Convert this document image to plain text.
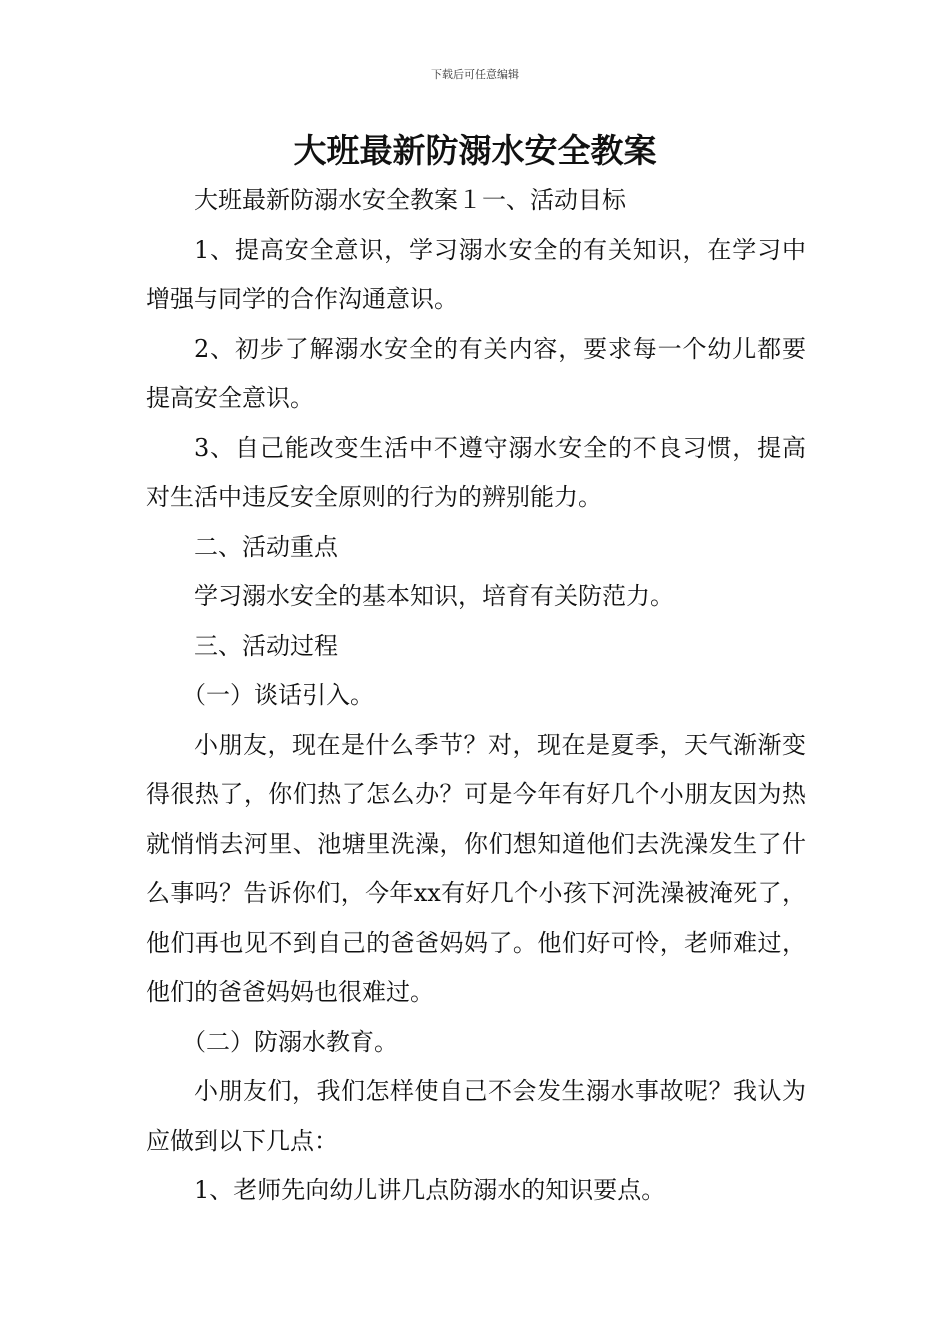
下载后可任意编辑
大班最新防溺水安全教案

大班最新防溺水安全教案１一、活动目标

1、提高安全意识，学习溺水安全的有关知识，在学习中增强与同学的合作沟通意识。

2、初步了解溺水安全的有关内容，要求每一个幼儿都要提高安全意识。

3、自己能改变生活中不遵守溺水安全的不良习惯，提高对生活中违反安全原则的行为的辨别能力。

二、活动重点

学习溺水安全的基本知识，培育有关防范力。

三、活动过程

（一）谈话引入。

小朋友，现在是什么季节？对，现在是夏季，天气渐渐变得很热了，你们热了怎么办？可是今年有好几个小朋友因为热就悄悄去河里、池塘里洗澡，你们想知道他们去洗澡发生了什么事吗？告诉你们，今年xx有好几个小孩下河洗澡被淹死了，他们再也见不到自己的爸爸妈妈了。他们好可怜，老师难过，他们的爸爸妈妈也很难过。

（二）防溺水教育。

小朋友们，我们怎样使自己不会发生溺水事故呢？我认为应做到以下几点：

1、老师先向幼儿讲几点防溺水的知识要点。
